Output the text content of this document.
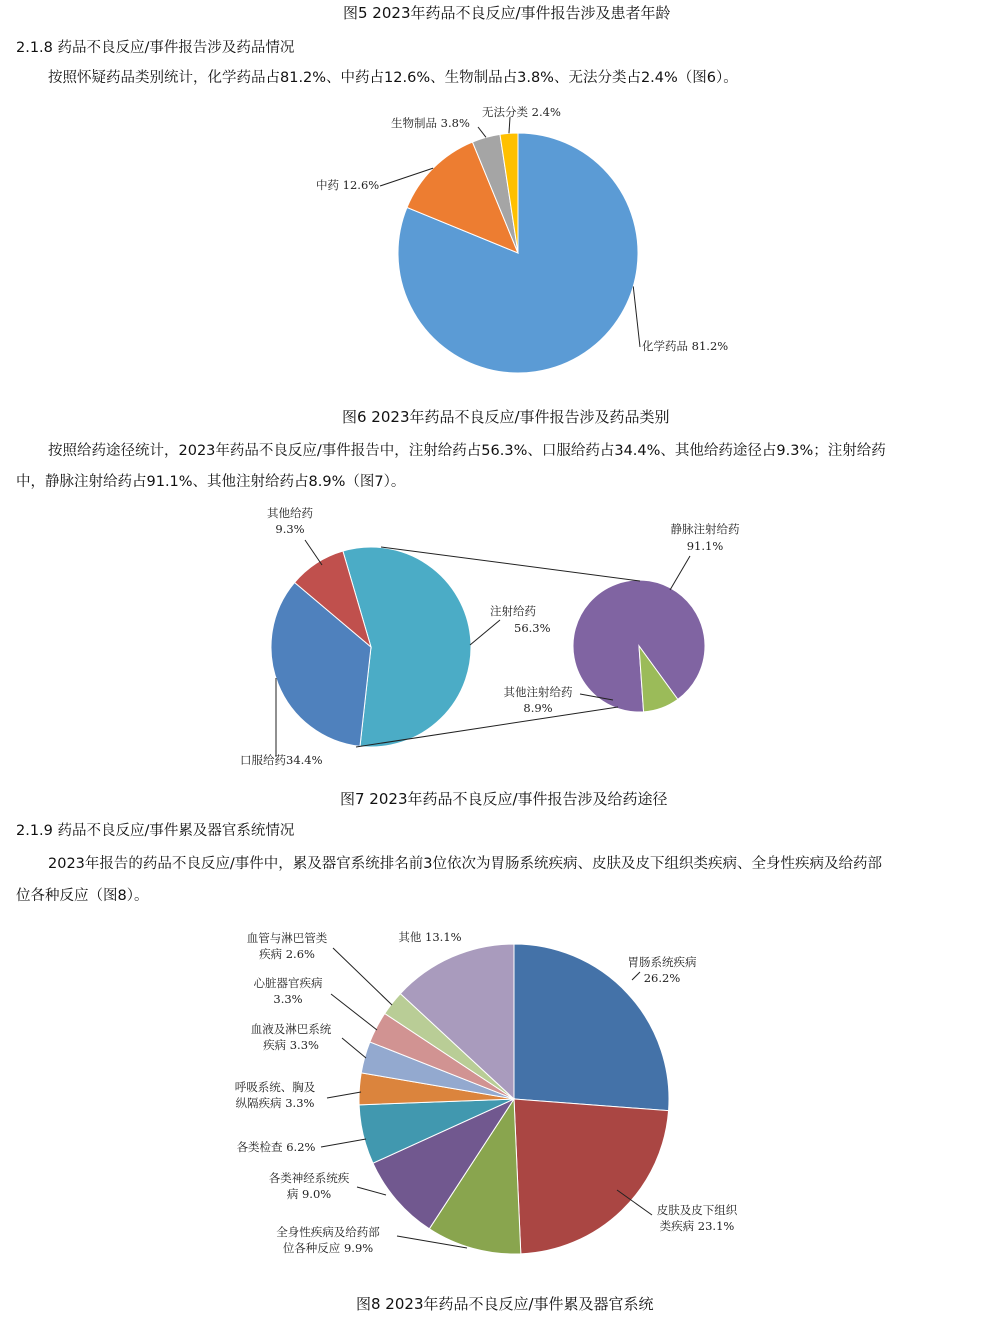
图5 2023年药品不良反应/事件报告涉及患者年龄

2.1.8 药品不良反应/事件报告涉及药品情况

按照怀疑药品类别统计，化学药品占81.2%、中药占12.6%、生物制品占3.8%、无法分类占2.4%（图6）。

化学药品 81.2%
中药 12.6%
生物制品 3.8%
无法分类 2.4%

图6 2023年药品不良反应/事件报告涉及药品类别

按照给药途径统计，2023年药品不良反应/事件报告中，注射给药占56.3%、口服给药占34.4%、其他给药途径占9.3%；注射给药

中，静脉注射给药占91.1%、其他注射给药占8.9%（图7）。

注射给药
56.3%
口服给药34.4%
其他给药
9.3%	静脉注射给药
91.1%
其他注射给药
8.9%

图7 2023年药品不良反应/事件报告涉及给药途径

2.1.9 药品不良反应/事件累及器官系统情况

2023年报告的药品不良反应/事件中，累及器官系统排名前3位依次为胃肠系统疾病、皮肤及皮下组织类疾病、全身性疾病及给药部

位各种反应（图8）。

胃肠系统疾病
26.2%
皮肤及皮下组织
类疾病 23.1%
全身性疾病及给药部
位各种反应 9.9%
各类神经系统疾
病 9.0%
各类检查 6.2%
呼吸系统、胸及
纵隔疾病 3.3%
血液及淋巴系统
疾病 3.3%
心脏器官疾病
3.3%
血管与淋巴管类
疾病 2.6%
其他 13.1%

图8 2023年药品不良反应/事件累及器官系统
